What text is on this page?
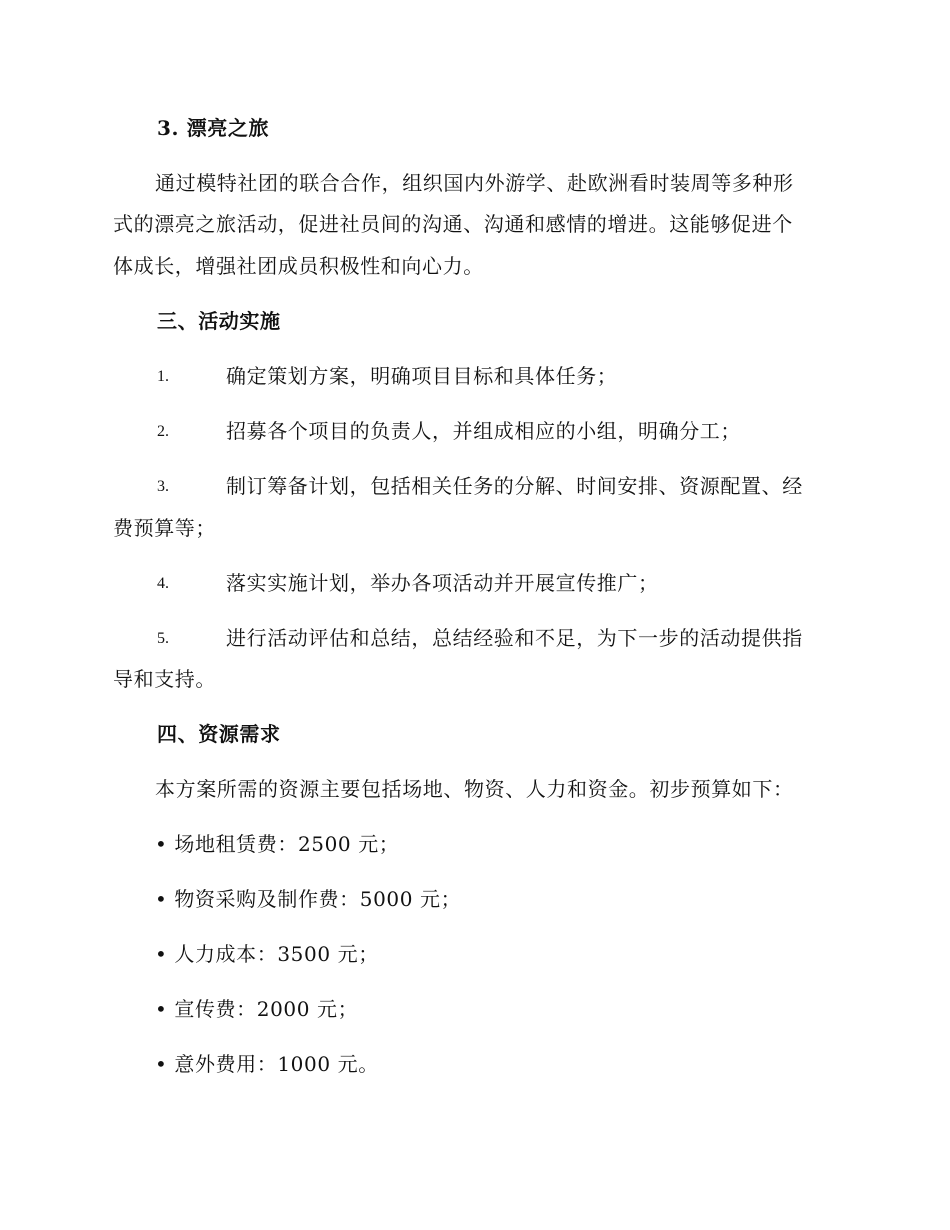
3. 漂亮之旅
通过模特社团的联合合作，组织国内外游学、赴欧洲看时装周等多种形
式的漂亮之旅活动，促进社员间的沟通、沟通和感情的增进。这能够促进个
体成长，增强社团成员积极性和向心力。
三、活动实施
1.	确定策划方案，明确项目目标和具体任务；
2.	招募各个项目的负责人，并组成相应的小组，明确分工；
3.	制订筹备计划，包括相关任务的分解、时间安排、资源配置、经
费预算等；
4.	落实实施计划，举办各项活动并开展宣传推广；
5.	进行活动评估和总结，总结经验和不足，为下一步的活动提供指
导和支持。
四、资源需求
本方案所需的资源主要包括场地、物资、人力和资金。初步预算如下：
• 场地租赁费：2500 元；
• 物资采购及制作费：5000 元；
• 人力成本：3500 元；
• 宣传费：2000 元；
• 意外费用：1000 元。
